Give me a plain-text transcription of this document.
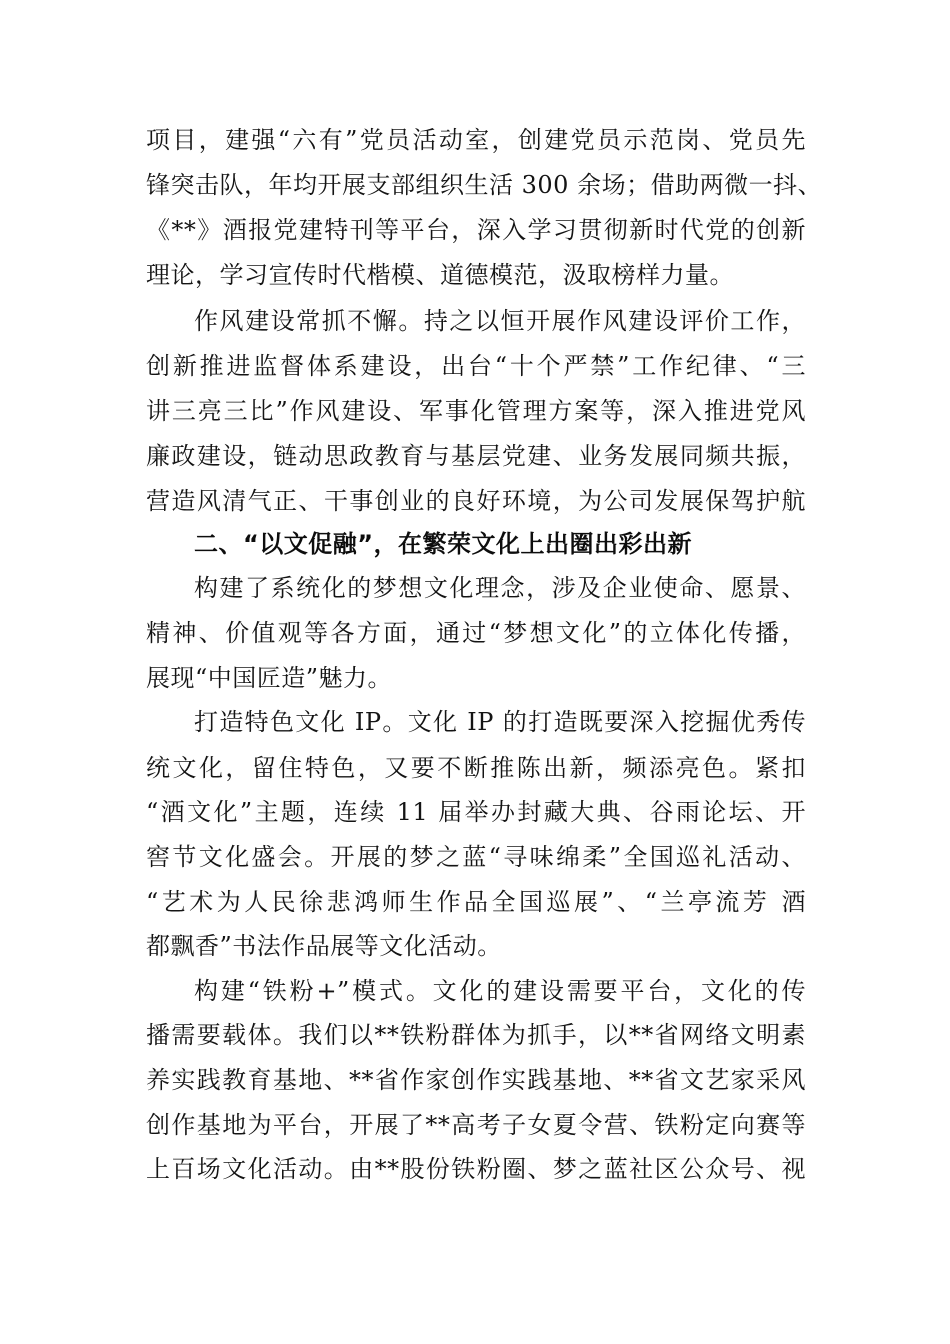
项目，建强“六有”党员活动室，创建党员示范岗、党员先

锋突击队，年均开展支部组织生活 300 余场；借助两微一抖、

《**》酒报党建特刊等平台，深入学习贯彻新时代党的创新

理论，学习宣传时代楷模、道德模范，汲取榜样力量。

作风建设常抓不懈。持之以恒开展作风建设评价工作，

创新推进监督体系建设，出台“十个严禁”工作纪律、“三

讲三亮三比”作风建设、军事化管理方案等，深入推进党风

廉政建设，链动思政教育与基层党建、业务发展同频共振，

营造风清气正、干事创业的良好环境，为公司发展保驾护航

二、“以文促融”，在繁荣文化上出圈出彩出新

构建了系统化的梦想文化理念，涉及企业使命、愿景、

精神、价值观等各方面，通过“梦想文化”的立体化传播，

展现“中国匠造”魅力。

打造特色文化 IP。文化 IP 的打造既要深入挖掘优秀传

统文化，留住特色，又要不断推陈出新，频添亮色。紧扣

“酒文化”主题，连续 11 届举办封藏大典、谷雨论坛、开

窖节文化盛会。开展的梦之蓝“寻味绵柔”全国巡礼活动、

“艺术为人民徐悲鸿师生作品全国巡展”、“兰亭流芳 酒

都飘香”书法作品展等文化活动。

构建“铁粉+”模式。文化的建设需要平台，文化的传

播需要载体。我们以**铁粉群体为抓手，以**省网络文明素

养实践教育基地、**省作家创作实践基地、**省文艺家采风

创作基地为平台，开展了**高考子女夏令营、铁粉定向赛等

上百场文化活动。由**股份铁粉圈、梦之蓝社区公众号、视
